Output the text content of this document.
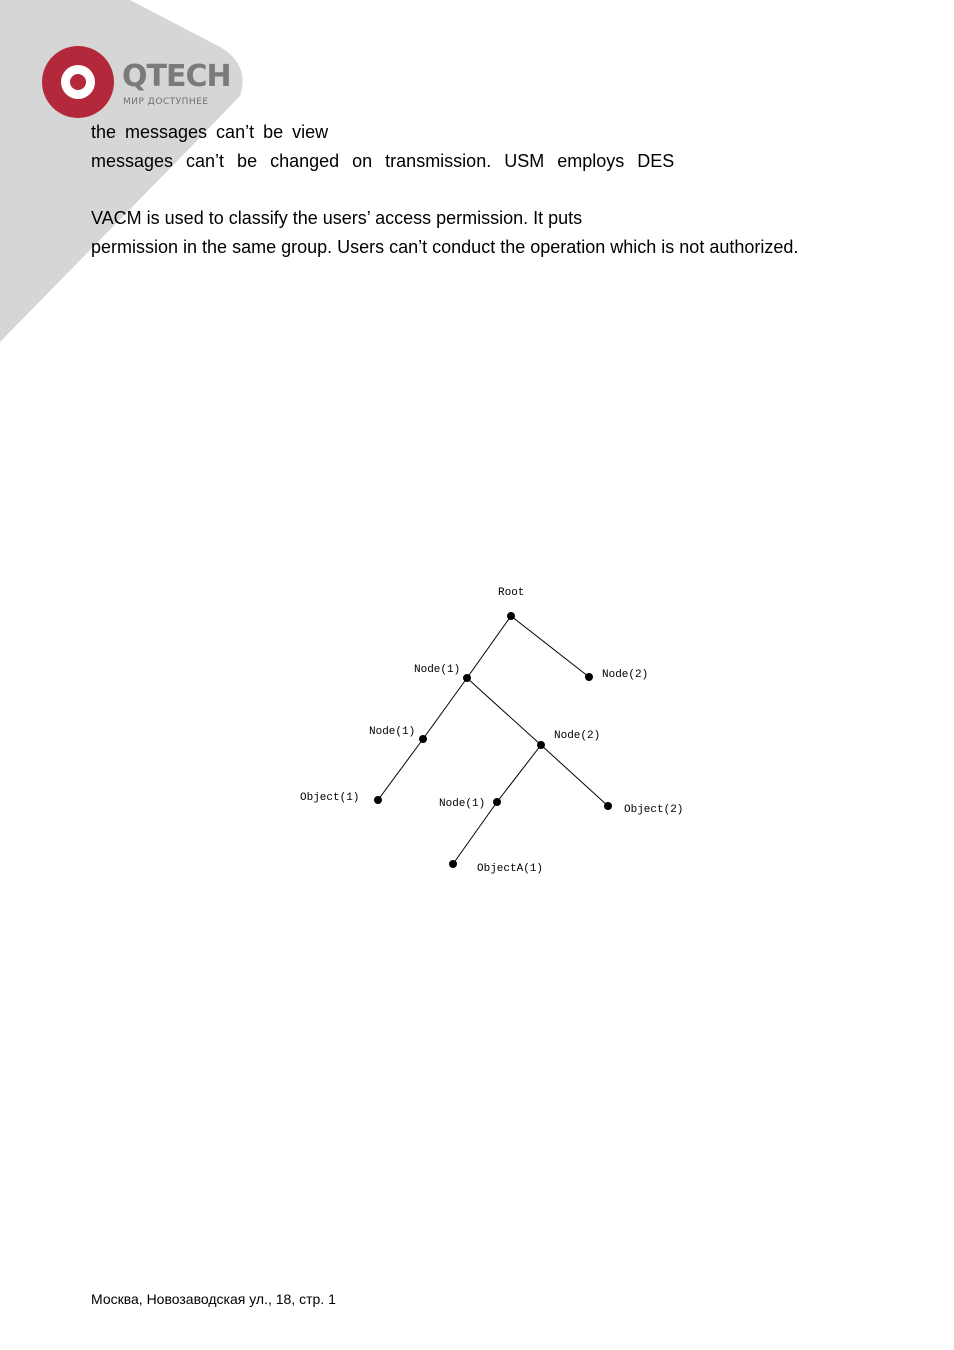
QTECH
МИР ДОСТУПНЕЕ
the messages can’t be view
messages can’t be changed on transmission. USM employs DES
VACM is used to classify the users’ access permission. It puts
permission in the same group. Users can’t conduct the operation which is not authorized.
Root
Node(1)	Node(2)
Node(1)	Node(2)
Object(1)	Node(1)	Object(2)
ObjectA(1)
Москва, Новозаводская ул., 18, стр. 1
